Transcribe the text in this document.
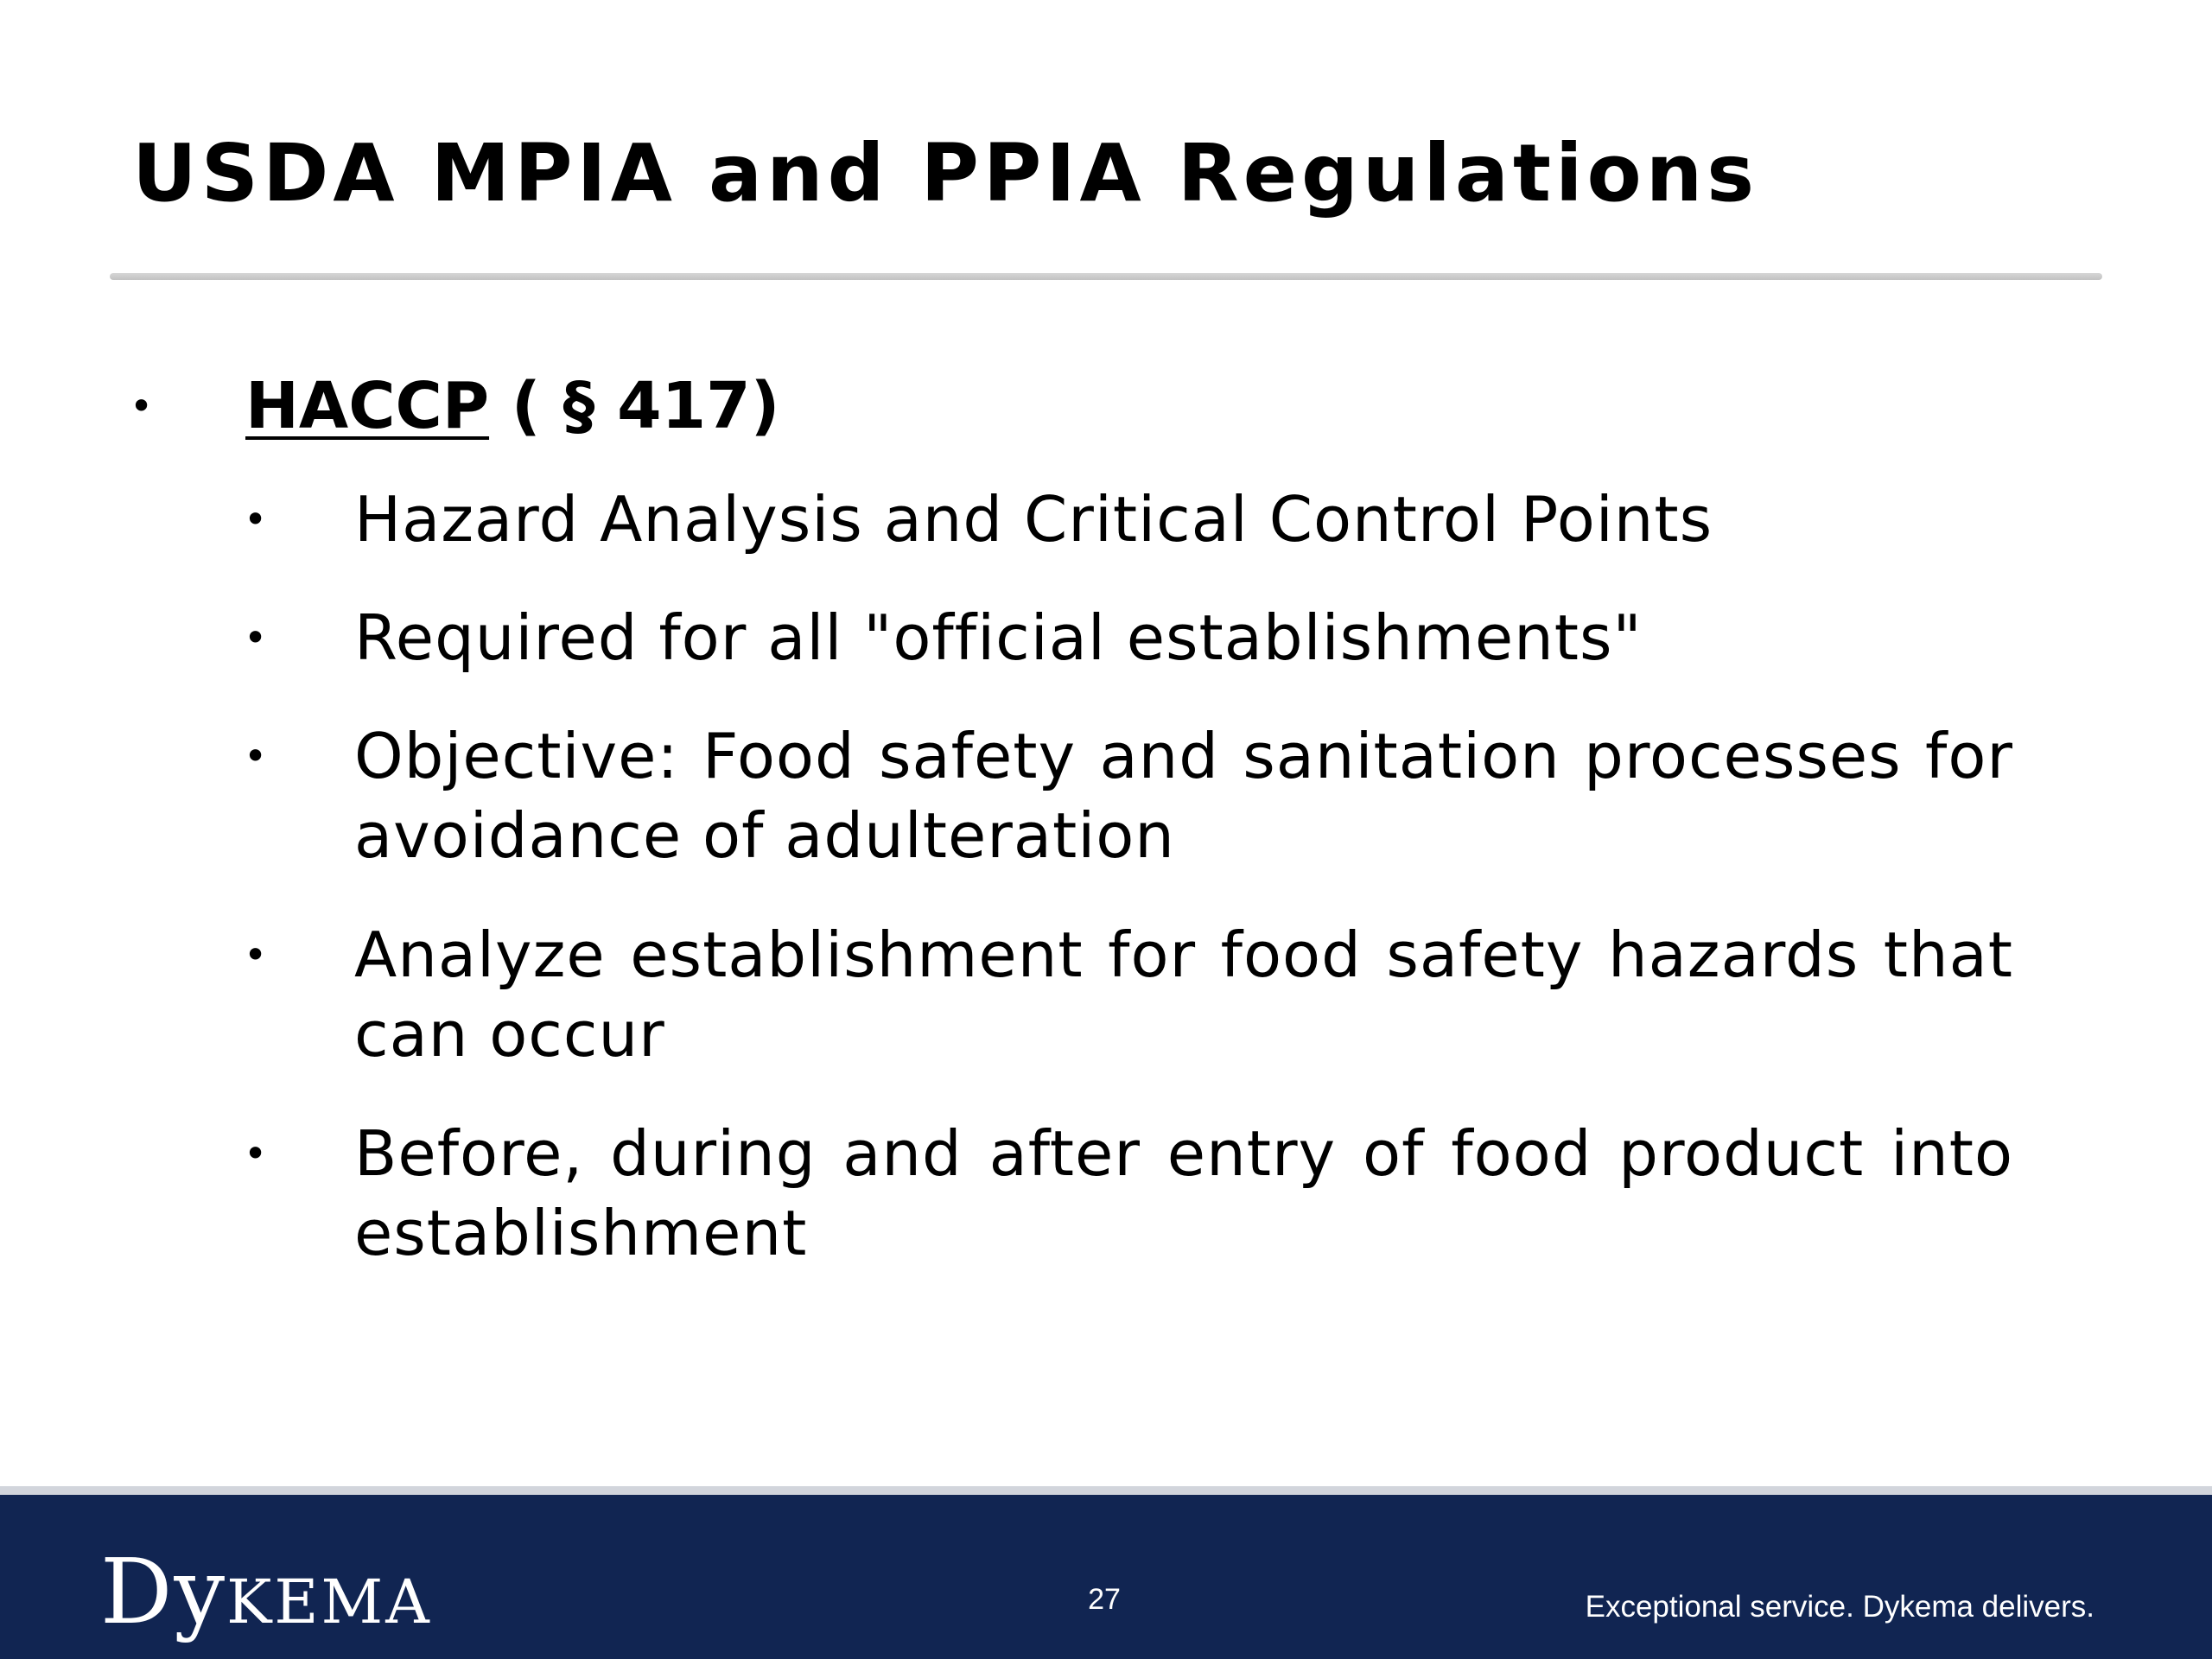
USDA MPIA and PPIA Regulations
•	HACCP ( § 417)
•	Hazard Analysis and Critical Control Points
•	Required for all "official establishments"
•	Objective: Food safety and sanitation processes for avoidance of adulteration
•	Analyze establishment for food safety hazards that can occur
•	Before, during and after entry of food product into establishment
DyKEMA	27	Exceptional service. Dykema delivers.
